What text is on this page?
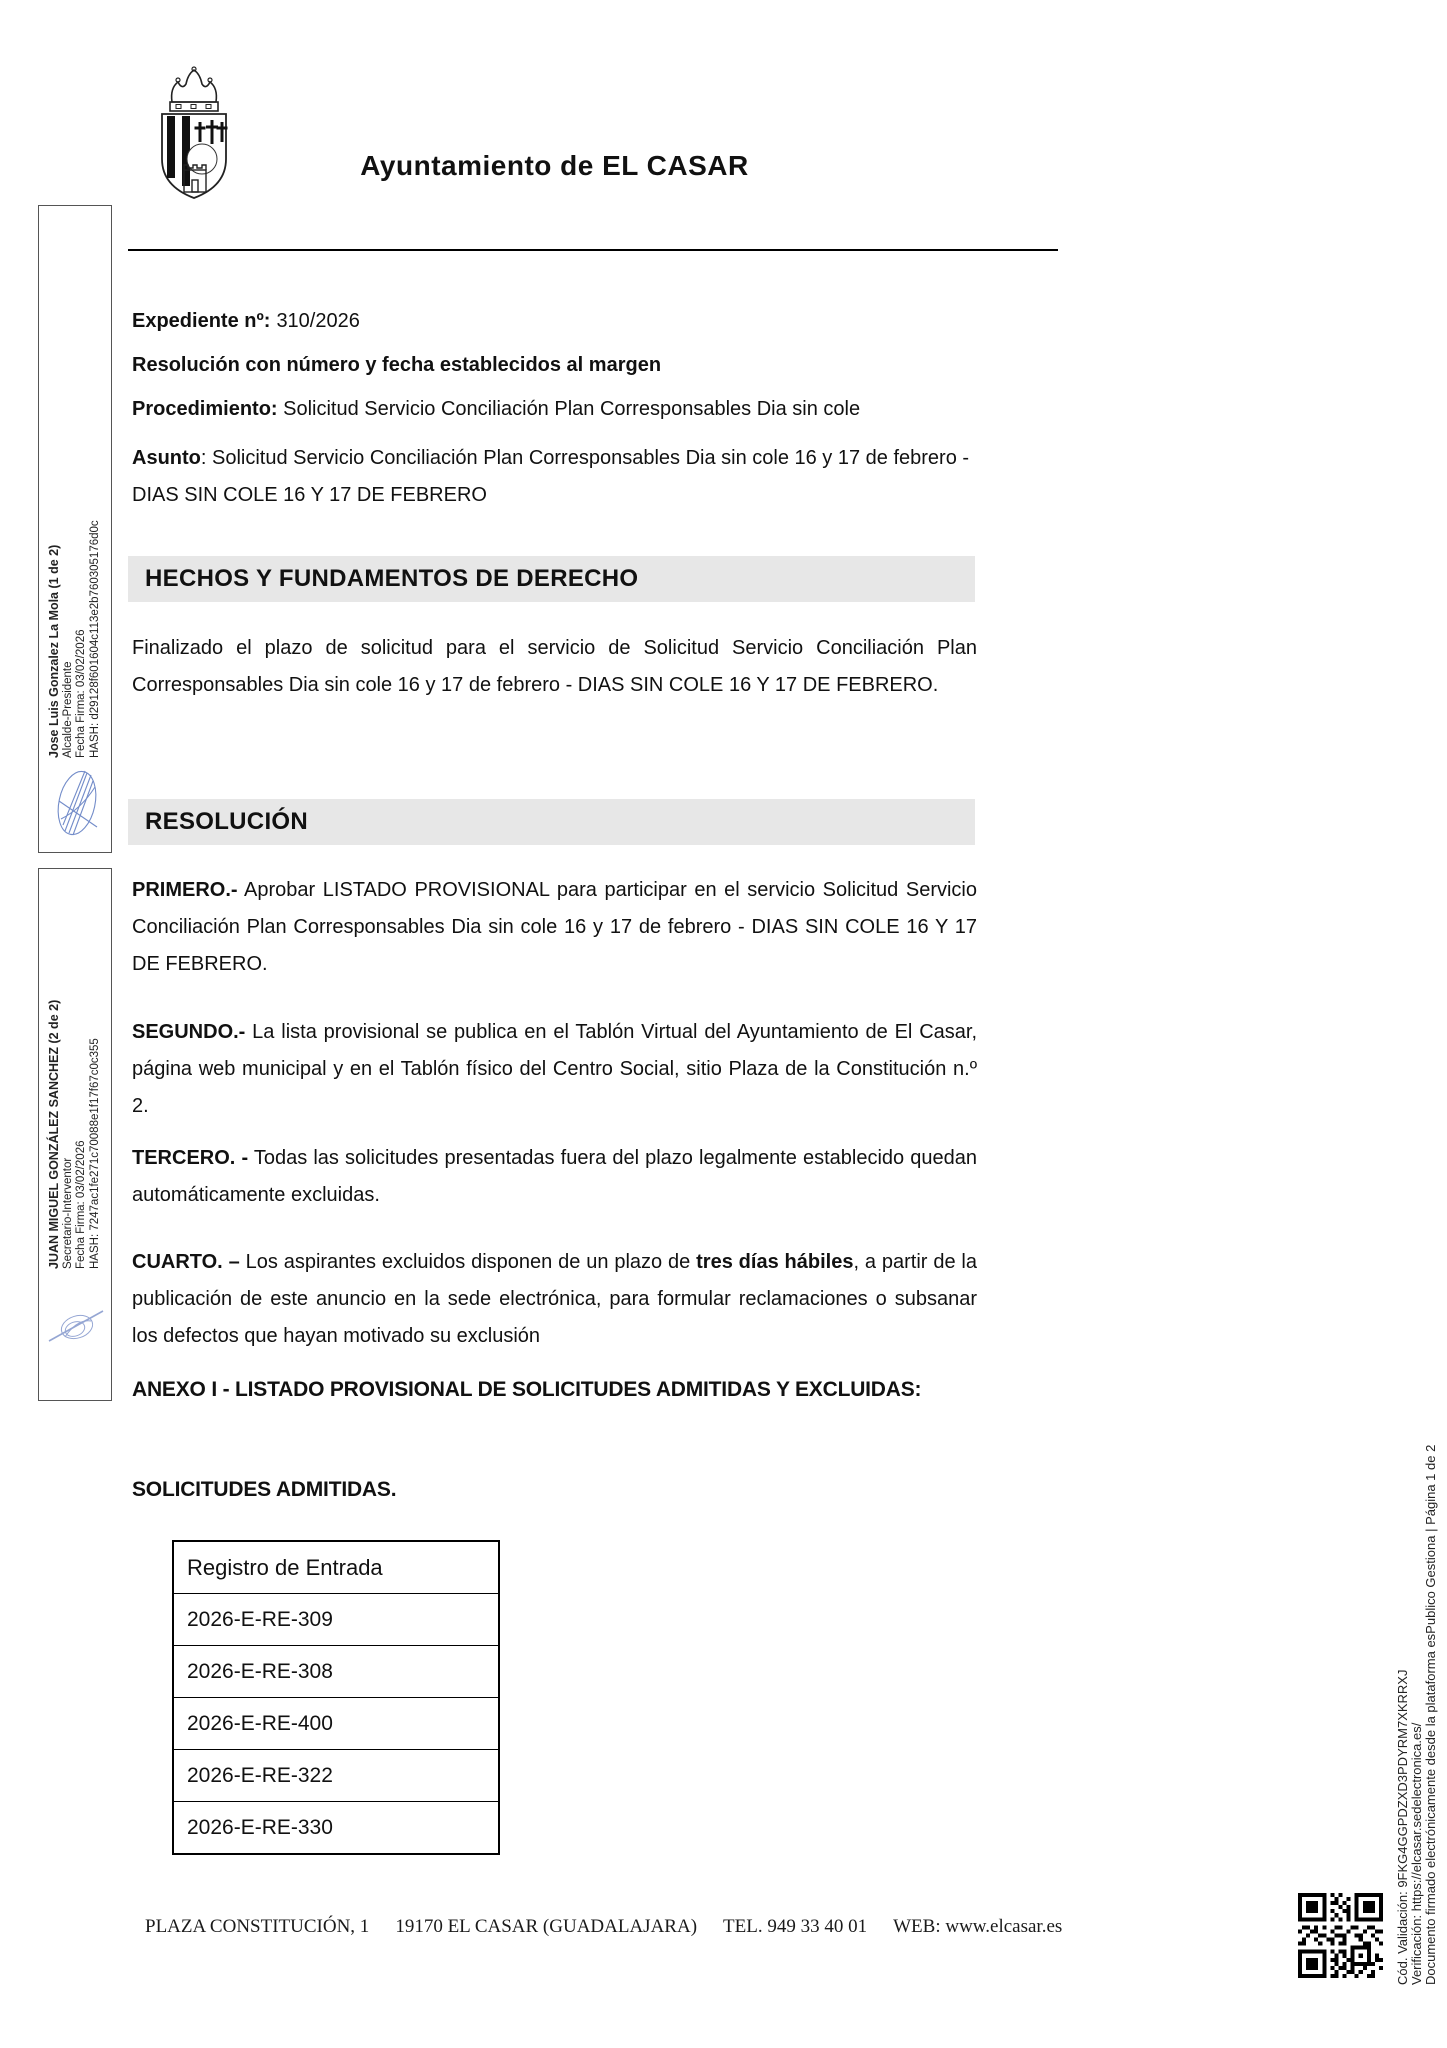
Ayuntamiento de EL CASAR
Expediente nº: 310/2026
Resolución con número y fecha establecidos al margen
Procedimiento: Solicitud Servicio Conciliación Plan Corresponsables Dia sin cole
Asunto: Solicitud Servicio Conciliación Plan Corresponsables Dia sin cole 16 y 17 de febrero - DIAS SIN COLE 16 Y 17 DE FEBRERO
HECHOS Y FUNDAMENTOS DE DERECHO
Finalizado el plazo de solicitud para el servicio de Solicitud Servicio Conciliación Plan Corresponsables Dia sin cole 16 y 17 de febrero - DIAS SIN COLE 16 Y 17 DE FEBRERO.
RESOLUCIÓN
PRIMERO.- Aprobar LISTADO PROVISIONAL para participar en el servicio Solicitud Servicio Conciliación Plan Corresponsables Dia sin cole 16 y 17 de febrero - DIAS SIN COLE 16 Y 17 DE FEBRERO.
SEGUNDO.- La lista provisional se publica en el Tablón Virtual del Ayuntamiento de El Casar, página web municipal y en el Tablón físico del Centro Social, sitio Plaza de la Constitución n.º 2.
TERCERO. - Todas las solicitudes presentadas fuera del plazo legalmente establecido quedan automáticamente excluidas.
CUARTO. – Los aspirantes excluidos disponen de un plazo de tres días hábiles, a partir de la publicación de este anuncio en la sede electrónica, para formular reclamaciones o subsanar los defectos que hayan motivado su exclusión
ANEXO I - LISTADO PROVISIONAL DE SOLICITUDES ADMITIDAS Y EXCLUIDAS:
SOLICITUDES ADMITIDAS.
Registro de Entrada
2026-E-RE-309
2026-E-RE-308
2026-E-RE-400
2026-E-RE-322
2026-E-RE-330
PLAZA CONSTITUCIÓN, 1 19170 EL CASAR (GUADALAJARA) TEL. 949 33 40 01 WEB: www.elcasar.es
Jose Luis Gonzalez La Mola (1 de 2) Alcalde-Presidente Fecha Firma: 03/02/2026 HASH: d29128f601604c113e2b760305176d0c
JUAN MIGUEL GONZÁLEZ SANCHEZ (2 de 2) Secretario-Interventor Fecha Firma: 03/02/2026 HASH: 7247ac1fe271c70088e1f17f67c0c355
Cód. Validación: 9FKG4GGPDZXD3PDYRM7XKRRXJ
Verificación: https://elcasar.sedelectronica.es/
Documento firmado electrónicamente desde la plataforma esPublico Gestiona | Página 1 de 2
